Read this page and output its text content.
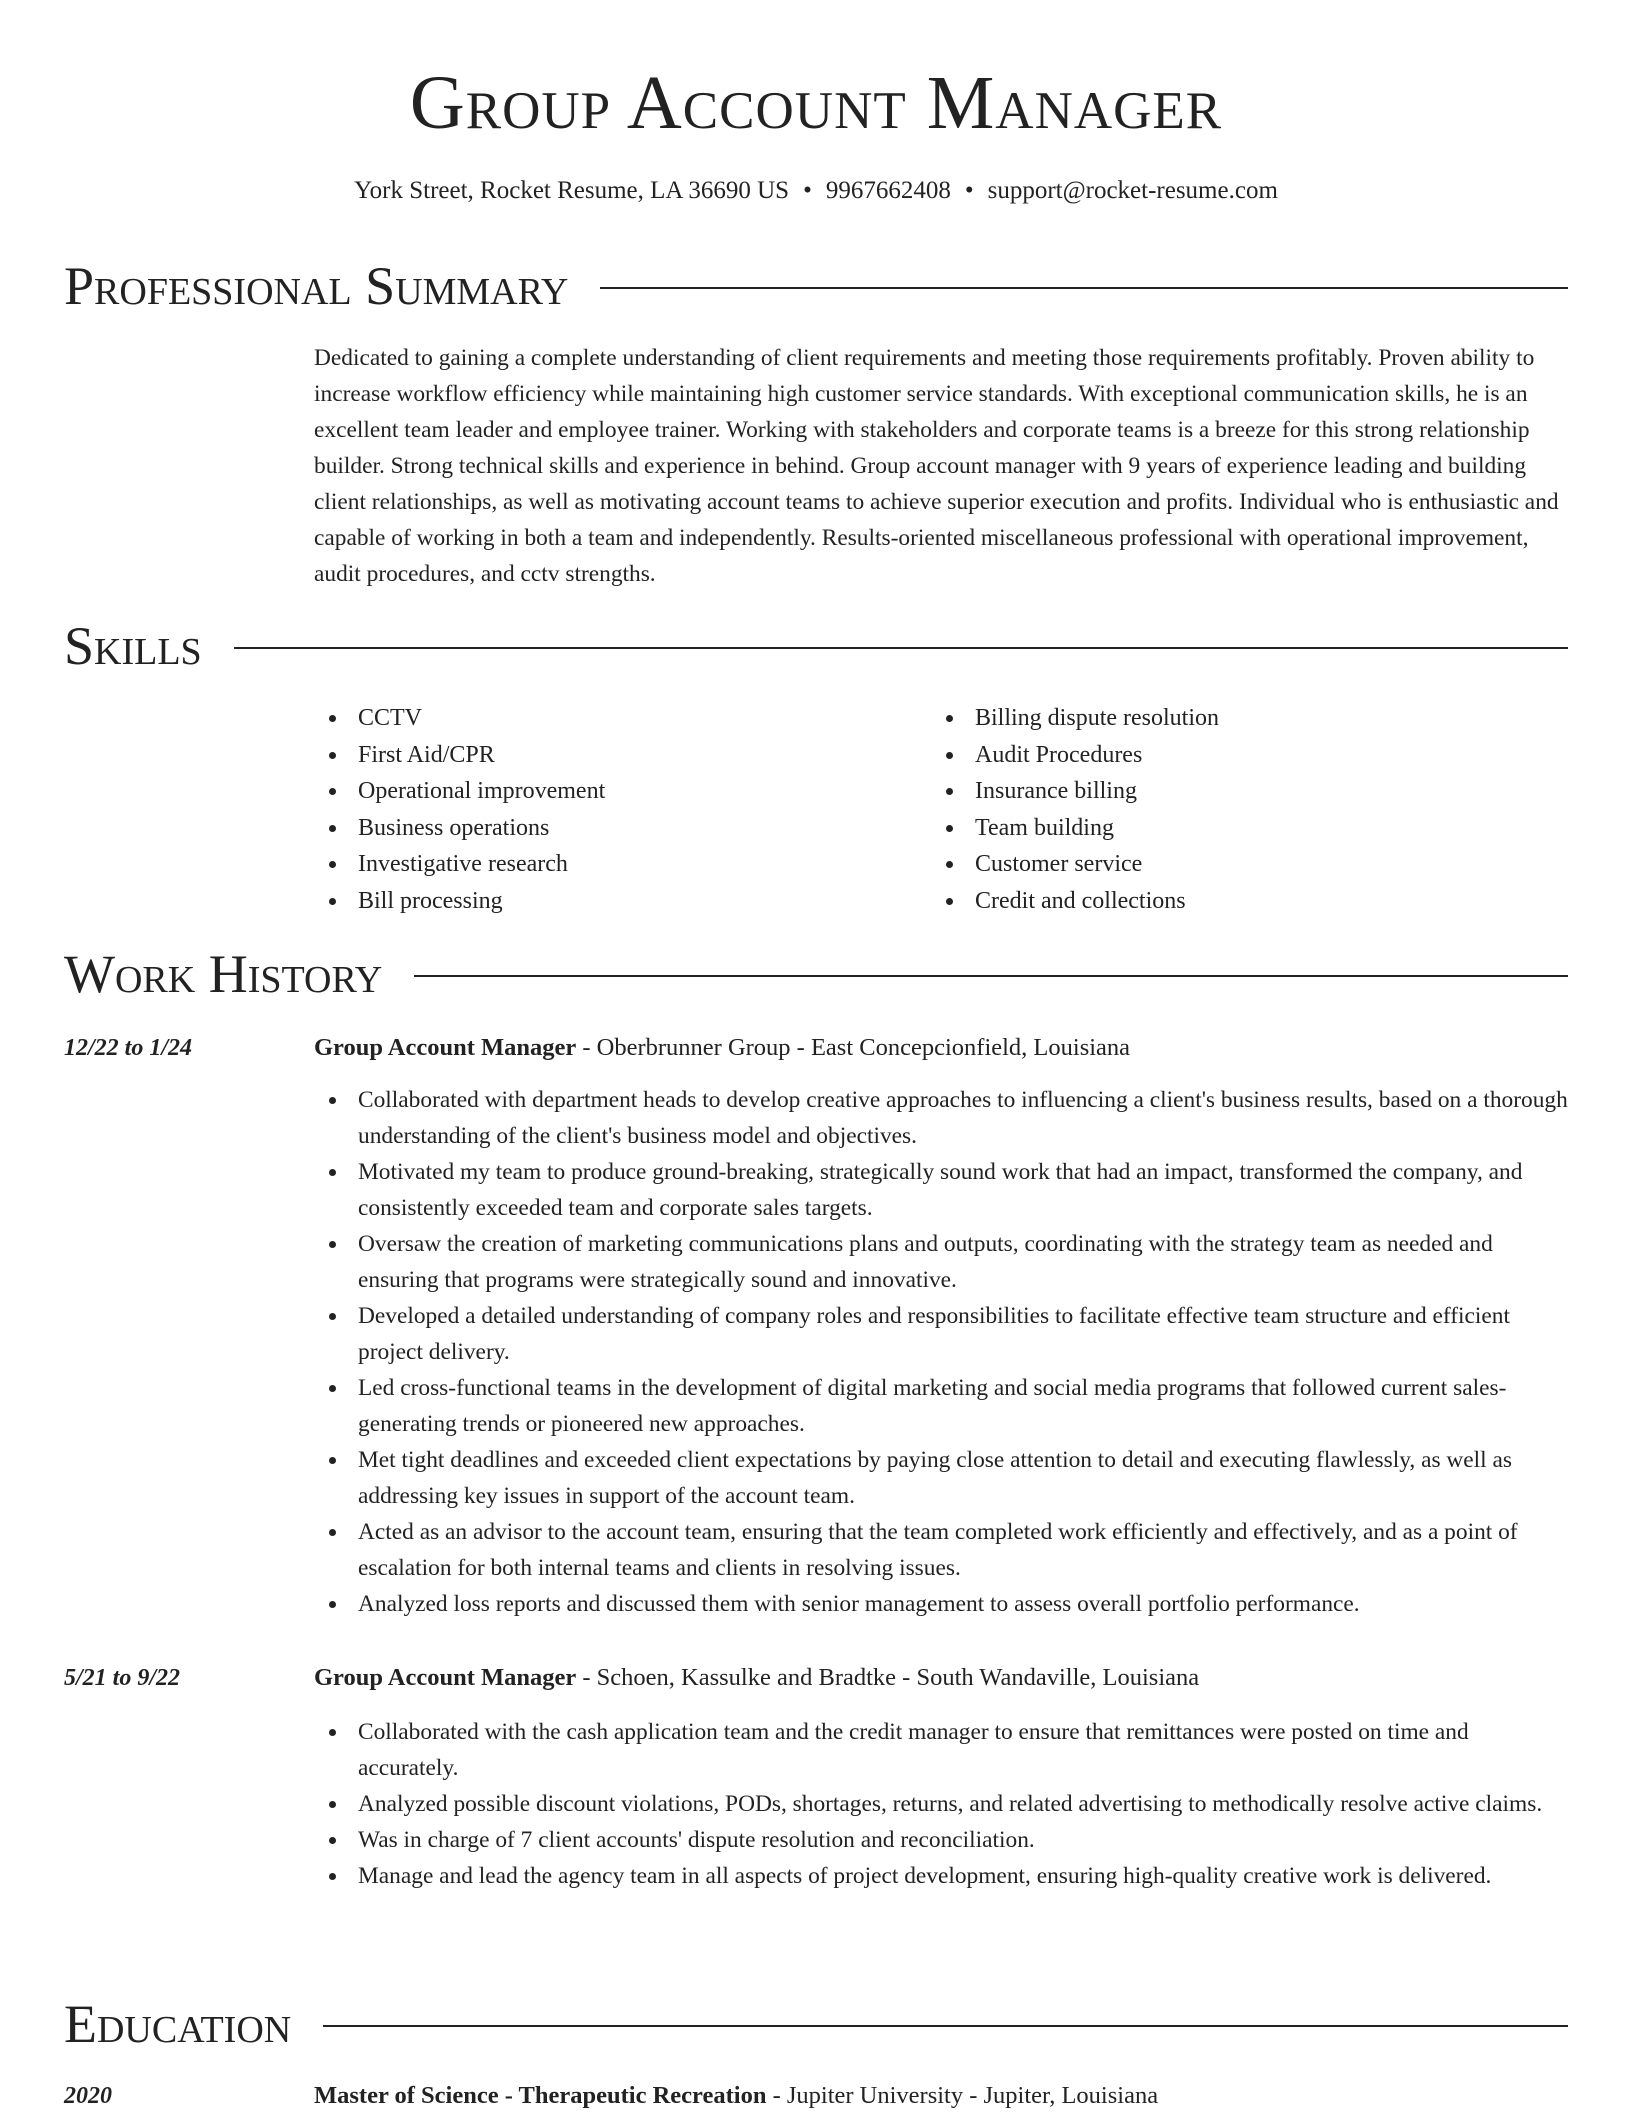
Group Account Manager
York Street, Rocket Resume, LA 36690 US • 9967662408 • support@rocket-resume.com
Professional Summary

Dedicated to gaining a complete understanding of client requirements and meeting those requirements profitably. Proven ability to increase workflow efficiency while maintaining high customer service standards. With exceptional communication skills, he is an excellent team leader and employee trainer. Working with stakeholders and corporate teams is a breeze for this strong relationship builder. Strong technical skills and experience in behind. Group account manager with 9 years of experience leading and building client relationships, as well as motivating account teams to achieve superior execution and profits. Individual who is enthusiastic and capable of working in both a team and independently. Results-oriented miscellaneous professional with operational improvement, audit procedures, and cctv strengths.

Skills
CCTV
First Aid/CPR
Operational improvement
Business operations
Investigative research
Bill processing
Billing dispute resolution
Audit Procedures
Insurance billing
Team building
Customer service
Credit and collections
Work History
12/22 to 1/24	Group Account Manager - Oberbrunner Group - East Concepcionfield, Louisiana
Collaborated with department heads to develop creative approaches to influencing a client's business results, based on a thorough understanding of the client's business model and objectives.
Motivated my team to produce ground-breaking, strategically sound work that had an impact, transformed the company, and consistently exceeded team and corporate sales targets.
Oversaw the creation of marketing communications plans and outputs, coordinating with the strategy team as needed and ensuring that programs were strategically sound and innovative.
Developed a detailed understanding of company roles and responsibilities to facilitate effective team structure and efficient project delivery.
Led cross-functional teams in the development of digital marketing and social media programs that followed current sales-generating trends or pioneered new approaches.
Met tight deadlines and exceeded client expectations by paying close attention to detail and executing flawlessly, as well as addressing key issues in support of the account team.
Acted as an advisor to the account team, ensuring that the team completed work efficiently and effectively, and as a point of escalation for both internal teams and clients in resolving issues.
Analyzed loss reports and discussed them with senior management to assess overall portfolio performance.
5/21 to 9/22	Group Account Manager - Schoen, Kassulke and Bradtke - South Wandaville, Louisiana
Collaborated with the cash application team and the credit manager to ensure that remittances were posted on time and accurately.
Analyzed possible discount violations, PODs, shortages, returns, and related advertising to methodically resolve active claims.
Was in charge of 7 client accounts' dispute resolution and reconciliation.
Manage and lead the agency team in all aspects of project development, ensuring high-quality creative work is delivered.
Education
2020	Master of Science - Therapeutic Recreation - Jupiter University - Jupiter, Louisiana
